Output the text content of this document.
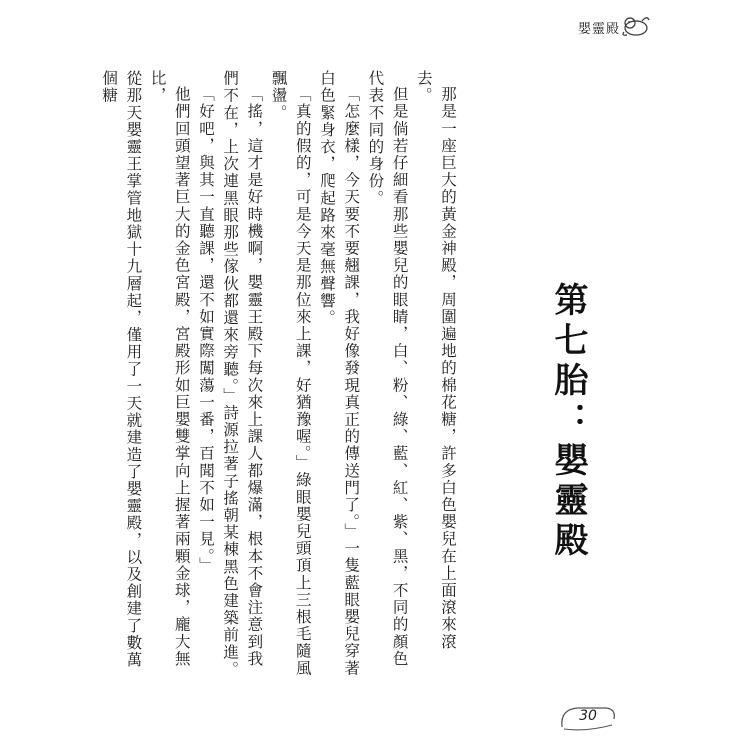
嬰靈殿
第七胎：嬰靈殿

那是一座巨大的黃金神殿，周圍遍地的棉花糖，許多白色嬰兒在上面滾來滾去。

但是倘若仔細看那些嬰兒的眼睛，白、粉、綠、藍、紅、紫、黑，不同的顏色代表不同的身份。

「怎麼樣，今天要不要翹課，我好像發現真正的傳送門了。」一隻藍眼嬰兒穿著白色緊身衣，爬起路來毫無聲響。

「真的假的，可是今天是那位來上課，好猶豫喔。」綠眼嬰兒頭頂上三根毛隨風飄盪。

「搖，這才是好時機啊，嬰靈王殿下每次來上課人都爆滿，根本不會注意到我們不在，上次連黑眼那些傢伙都還來旁聽。」詩源拉著子搖朝某棟黑色建築前進。

「好吧，與其一直聽課，還不如實際闖蕩一番，百聞不如一見。」

他們回頭望著巨大的金色宮殿，宮殿形如巨嬰雙掌向上握著兩顆金球，龐大無比，

從那天嬰靈王掌管地獄十九層起，僅用了一天就建造了嬰靈殿，以及創建了數萬個糖

30
